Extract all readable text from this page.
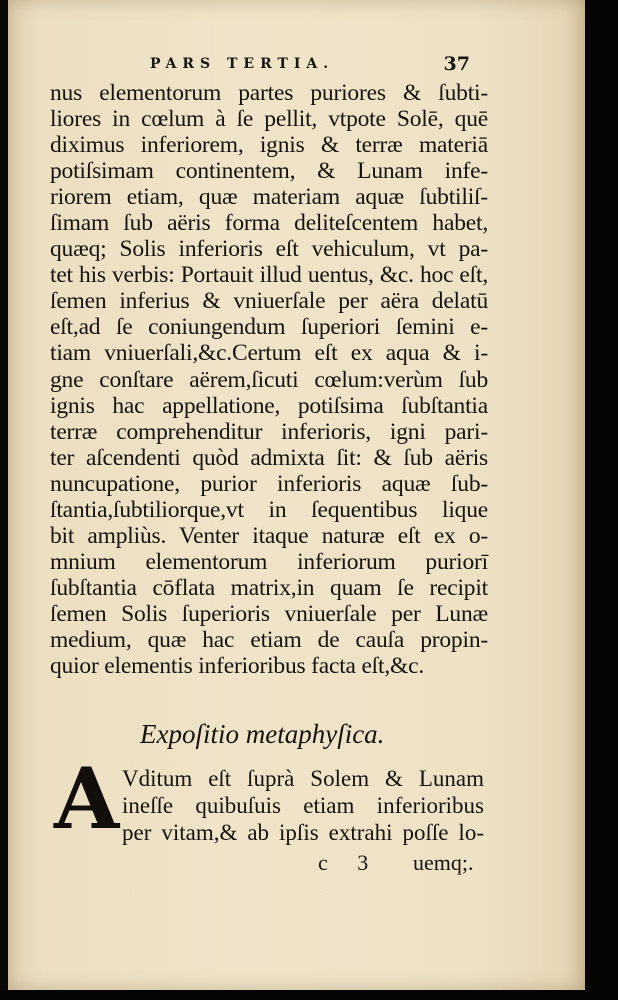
PARS TERTIA.	37
nus elementorum partes puriores & ſubti-
liores in cœlum à ſe pellit, vtpote Solē, quē
diximus inferiorem, ignis & terræ materiā
potiſsimam continentem, & Lunam infe-
riorem etiam, quæ materiam aquæ ſubtiliſ-
ſimam ſub aëris forma deliteſcentem habet,
quæq; Solis inferioris eſt vehiculum, vt pa-
tet his verbis: Portauit illud uentus, &c. hoc eſt,
ſemen inferius & vniuerſale per aëra delatū
eſt,ad ſe coniungendum ſuperiori ſemini e-
tiam vniuerſali,&c.Certum eſt ex aqua & i-
gne conſtare aërem,ſicuti cœlum:verùm ſub
ignis hac appellatione, potiſsima ſubſtantia
terræ comprehenditur inferioris, igni pari-
ter aſcendenti quòd admixta ſit: & ſub aëris
nuncupatione, purior inferioris aquæ ſub-
ſtantia,ſubtiliorque,vt in ſequentibus lique
bit ampliùs. Venter itaque naturæ eſt ex o-
mnium elementorum inferiorum puriorī
ſubſtantia cōflata matrix,in quam ſe recipit
ſemen Solis ſuperioris vniuerſale per Lunæ
medium, quæ hac etiam de cauſa propin-
quior elementis inferioribus facta eſt,&c.
Expoſitio metaphyſica.
A Vditum eſt ſuprà Solem & Lunam
ineſſe quibuſuis etiam inferioribus
per vitam,& ab ipſis extrahi poſſe lo-
c 3 uemq;.
